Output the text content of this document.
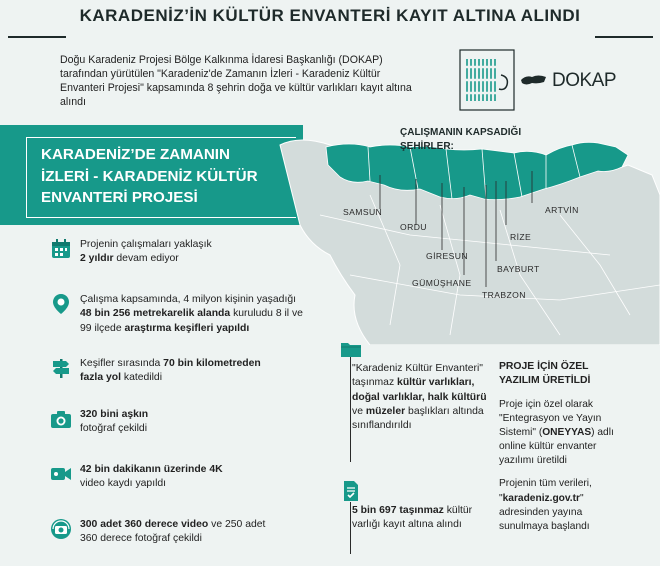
KARADENİZ’İN KÜLTÜR ENVANTERİ KAYIT ALTINA ALINDI
Doğu Karadeniz Projesi Bölge Kalkınma İdaresi Başkanlığı (DOKAP) tarafından yürütülen "Karadeniz'de Zamanın İzleri - Karadeniz Kültür Envanteri Projesi" kapsamında 8 şehrin doğa ve kültür varlıkları kayıt altına alındı
DOKAP
KARADENİZ’DE ZAMANIN
İZLERİ - KARADENİZ KÜLTÜR
ENVANTERİ PROJESİ
ÇALIŞMANIN KAPSADIĞI
ŞEHİRLER:
SAMSUN
ORDU
GİRESUN
GÜMÜŞHANE
TRABZON
BAYBURT
RİZE
ARTVİN
Projenin çalışmaları yaklaşık
2 yıldır devam ediyor
Çalışma kapsamında, 4 milyon kişinin yaşadığı
48 bin 256 metrekarelik alanda kuruludu 8 il ve 99 ilçede araştırma keşifleri yapıldı
Keşifler sırasında 70 bin kilometreden fazla yol katedildi
320 bini aşkın
fotoğraf çekildi
42 bin dakikanın üzerinde 4K video kaydı yapıldı
300 adet 360 derece video ve 250 adet 360 derece fotoğraf çekildi
"Karadeniz Kültür Envanteri" taşınmaz kültür varlıkları, doğal varlıklar, halk kültürü ve müzeler başlıkları altında sınıflandırıldı
5 bin 697 taşınmaz kültür varlığı kayıt altına alındı
PROJE İÇİN ÖZEL YAZILIM ÜRETİLDİ
Proje için özel olarak "Entegrasyon ve Yayın Sistemi" (ONEYYAS) adlı online kültür envanter yazılımı üretildi
Projenin tüm verileri, "karadeniz.gov.tr" adresinden yayına sunulmaya başlandı
